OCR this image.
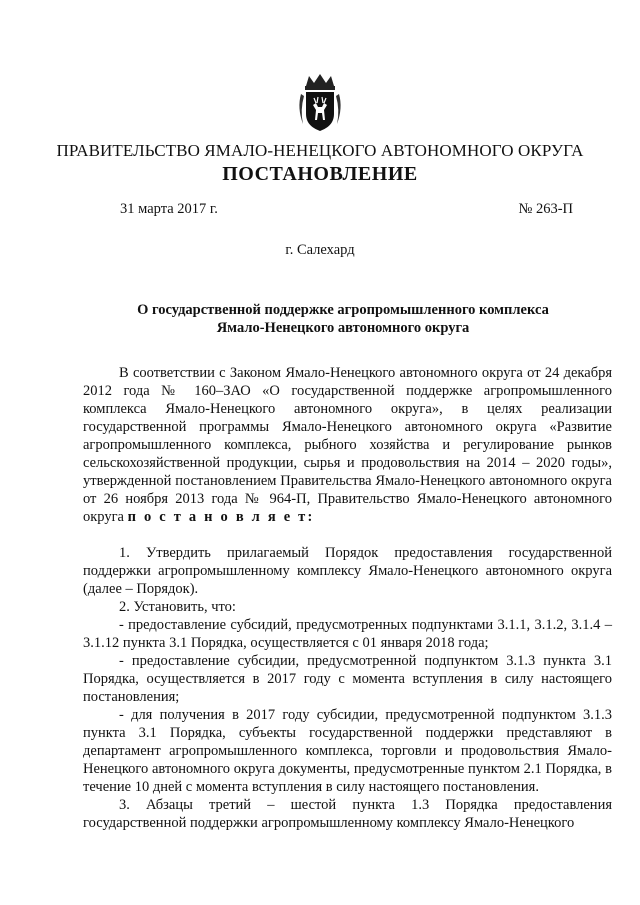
ПРАВИТЕЛЬСТВО ЯМАЛО-НЕНЕЦКОГО АВТОНОМНОГО ОКРУГА
ПОСТАНОВЛЕНИЕ
31 марта 2017 г.	№ 263-П
г. Салехард
О государственной поддержке агропромышленного комплекса
Ямало-Ненецкого автономного округа

В соответствии с Законом Ямало-Ненецкого автономного округа от 24 декабря 2012 года № 160–ЗАО «О государственной поддержке агропромышленного комплекса Ямало-Ненецкого автономного округа», в целях реализации государственной программы Ямало-Ненецкого автономного округа «Развитие агропромышленного комплекса, рыбного хозяйства и регулирование рынков сельскохозяйственной продукции, сырья и продовольствия на 2014 – 2020 годы», утвержденной постановлением Правительства Ямало-Ненецкого автономного округа от 26 ноября 2013 года № 964-П, Правительство Ямало-Ненецкого автономного округа п о с т а н о в л я е т:

1. Утвердить прилагаемый Порядок предоставления государственной поддержки агропромышленному комплексу Ямало-Ненецкого автономного округа (далее – Порядок).

2. Установить, что:

- предоставление субсидий, предусмотренных подпунктами 3.1.1, 3.1.2, 3.1.4 – 3.1.12 пункта 3.1 Порядка, осуществляется с 01 января 2018 года;

- предоставление субсидии, предусмотренной подпунктом 3.1.3 пункта 3.1 Порядка, осуществляется в 2017 году с момента вступления в силу настоящего постановления;

- для получения в 2017 году субсидии, предусмотренной подпунктом 3.1.3 пункта 3.1 Порядка, субъекты государственной поддержки представляют в департамент агропромышленного комплекса, торговли и продовольствия Ямало-Ненецкого автономного округа документы, предусмотренные пунктом 2.1 Порядка, в течение 10 дней с момента вступления в силу настоящего постановления.

3. Абзацы третий – шестой пункта 1.3 Порядка предоставления государственной поддержки агропромышленному комплексу Ямало-Ненецкого
